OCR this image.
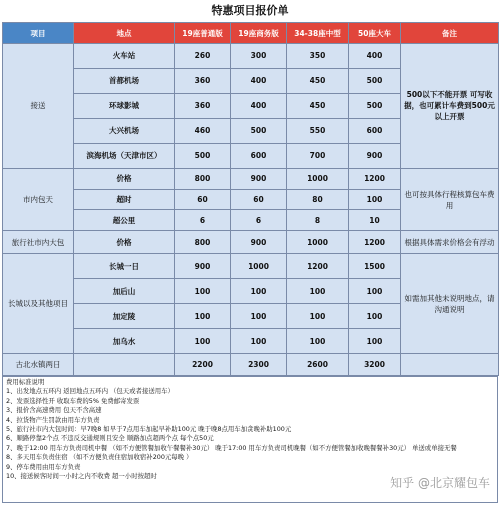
特惠项目报价单
项目	地点	19座普通版	19座商务版	34-38座中型	50座大车	备注
接送	火车站	260	300	350	400	500以下不能开票 可写收据，也可累计车费到500元以上开票
	首都机场	360	400	450	500	
	环球影城	360	400	450	500	
	大兴机场	460	500	550	600	
	滨海机场（天津市区）	500	600	700	900	
市内包天	价格	800	900	1000	1200	也可按具体行程核算包车费用
	超时	60	60	80	100	
	超公里	6	6	8	10	
旅行社市内大包	价格	800	900	1000	1200	根据具体需求价格会有浮动
长城以及其他项目	长城一日	900	1000	1200	1500	如需加其他未说明地点，请沟通说明
	加后山	100	100	100	100	
	加定陵	100	100	100	100	
	加乌水	100	100	100	100	
古北水镇两日		2200	2300	2600	3200	
费用标准说明
1、出发地点五环内 返回地点五环内 （包天或者接送用车）
2、发票选择性开 收取车费的5% 免费邮寄发票
3、报价含高速费用 包天不含高速
4、拉货物产生罚款由用车方负责
5、旅行社市内大包时间：早7晚8 如早于7点用车加起早补助100元 晚于晚8点用车加贪晚补助100元
6、顺路停靠2个点 不违反交通规则且安全 顺路加点超两个点 每个点50元
7、晚于12:00 用车方负责司机中餐 （如不方便管餐加收午餐餐补30元） 晚于17:00 用车方负责司机晚餐（如不方便管餐加收晚餐餐补30元） 单送或单接无餐
8、多天用车负责住宿 （如不方便负责住宿加收宿补200元每晚 ）
9、停车费用由用车方负责
10、接送候客时间一小时之内不收费 超一小时按超时	知乎 @北京耀包车
